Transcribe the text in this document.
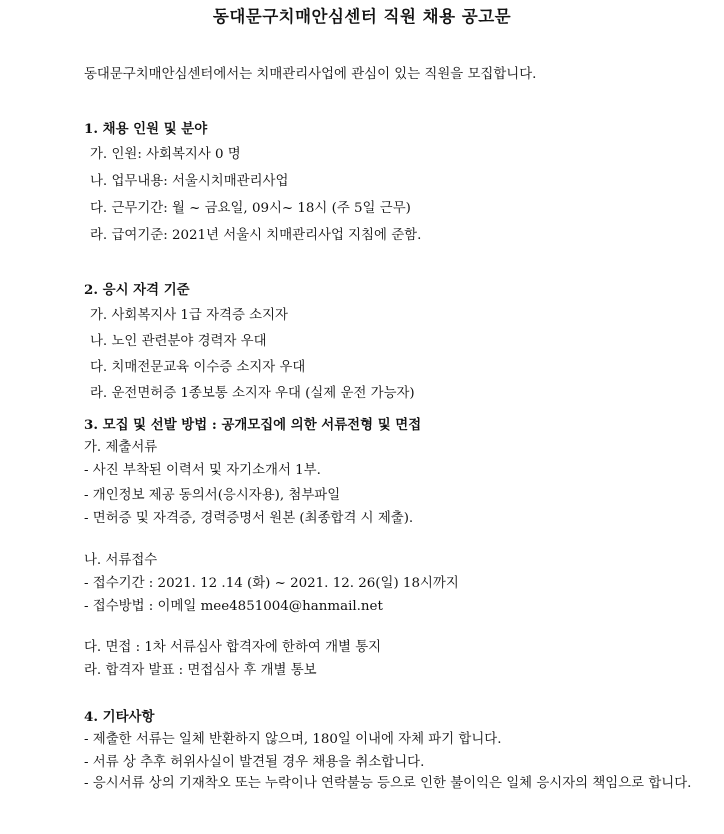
동대문구치매안심센터 직원 채용 공고문
동대문구치매안심센터에서는 치매관리사업에 관심이 있는 직원을 모집합니다.
1. 채용 인원 및 분야
가. 인원: 사회복지사 0 명
나. 업무내용: 서울시치매관리사업
다. 근무기간: 월 ~ 금요일, 09시~ 18시 (주 5일 근무)
라. 급여기준: 2021년 서울시 치매관리사업 지침에 준함.
2. 응시 자격 기준
가. 사회복지사 1급 자격증 소지자
나. 노인 관련분야 경력자 우대
다. 치매전문교육 이수증 소지자 우대
라. 운전면허증 1종보통 소지자 우대 (실제 운전 가능자)
3. 모집 및 선발 방법 : 공개모집에 의한 서류전형 및 면접
가. 제출서류
- 사진 부착된 이력서 및 자기소개서 1부.
- 개인정보 제공 동의서(응시자용), 첨부파일
- 면허증 및 자격증, 경력증명서 원본 (최종합격 시 제출).
나. 서류접수
- 접수기간 : 2021. 12 .14 (화) ~ 2021. 12. 26(일) 18시까지
- 접수방법 : 이메일 mee4851004@hanmail.net
다. 면접 : 1차 서류심사 합격자에 한하여 개별 통지
라. 합격자 발표 : 면접심사 후 개별 통보
4. 기타사항
- 제출한 서류는 일체 반환하지 않으며, 180일 이내에 자체 파기 합니다.
- 서류 상 추후 허위사실이 발견될 경우 채용을 취소합니다.
- 응시서류 상의 기재착오 또는 누락이나 연락불능 등으로 인한 불이익은 일체 응시자의 책임으로 합니다.
